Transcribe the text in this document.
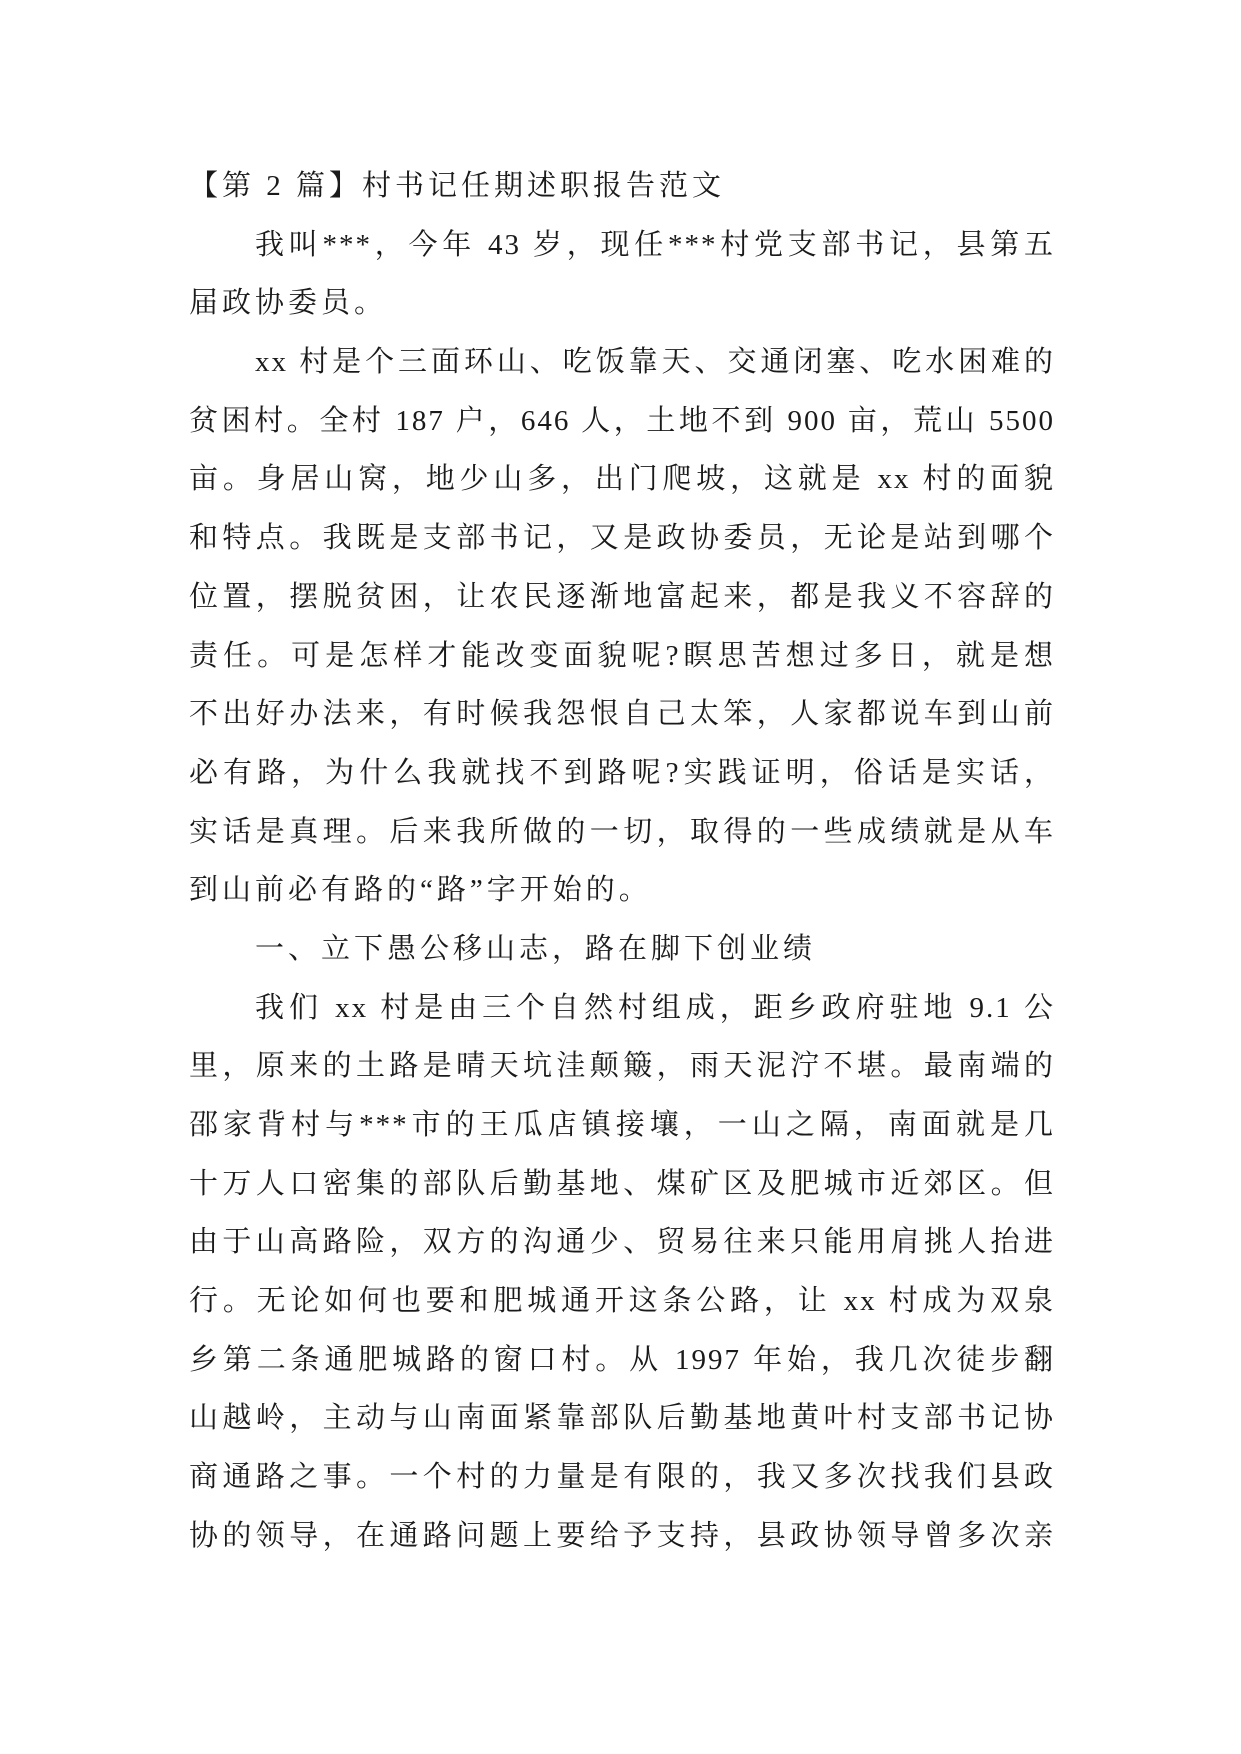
【第 2 篇】村书记任期述职报告范文
我叫***，今年 43 岁，现任***村党支部书记，县第五
届政协委员。
xx 村是个三面环山、吃饭靠天、交通闭塞、吃水困难的
贫困村。全村 187 户，646 人，土地不到 900 亩，荒山 5500
亩。身居山窝，地少山多，出门爬坡，这就是 xx 村的面貌
和特点。我既是支部书记，又是政协委员，无论是站到哪个
位置，摆脱贫困，让农民逐渐地富起来，都是我义不容辞的
责任。可是怎样才能改变面貌呢?瞑思苦想过多日，就是想
不出好办法来，有时候我怨恨自己太笨，人家都说车到山前
必有路，为什么我就找不到路呢?实践证明，俗话是实话，
实话是真理。后来我所做的一切，取得的一些成绩就是从车
到山前必有路的“路”字开始的。
一、立下愚公移山志，路在脚下创业绩
我们 xx 村是由三个自然村组成，距乡政府驻地 9.1 公
里，原来的土路是晴天坑洼颠簸，雨天泥泞不堪。最南端的
邵家背村与***市的王瓜店镇接壤，一山之隔，南面就是几
十万人口密集的部队后勤基地、煤矿区及肥城市近郊区。但
由于山高路险，双方的沟通少、贸易往来只能用肩挑人抬进
行。无论如何也要和肥城通开这条公路，让 xx 村成为双泉
乡第二条通肥城路的窗口村。从 1997 年始，我几次徒步翻
山越岭，主动与山南面紧靠部队后勤基地黄叶村支部书记协
商通路之事。一个村的力量是有限的，我又多次找我们县政
协的领导，在通路问题上要给予支持，县政协领导曾多次亲
